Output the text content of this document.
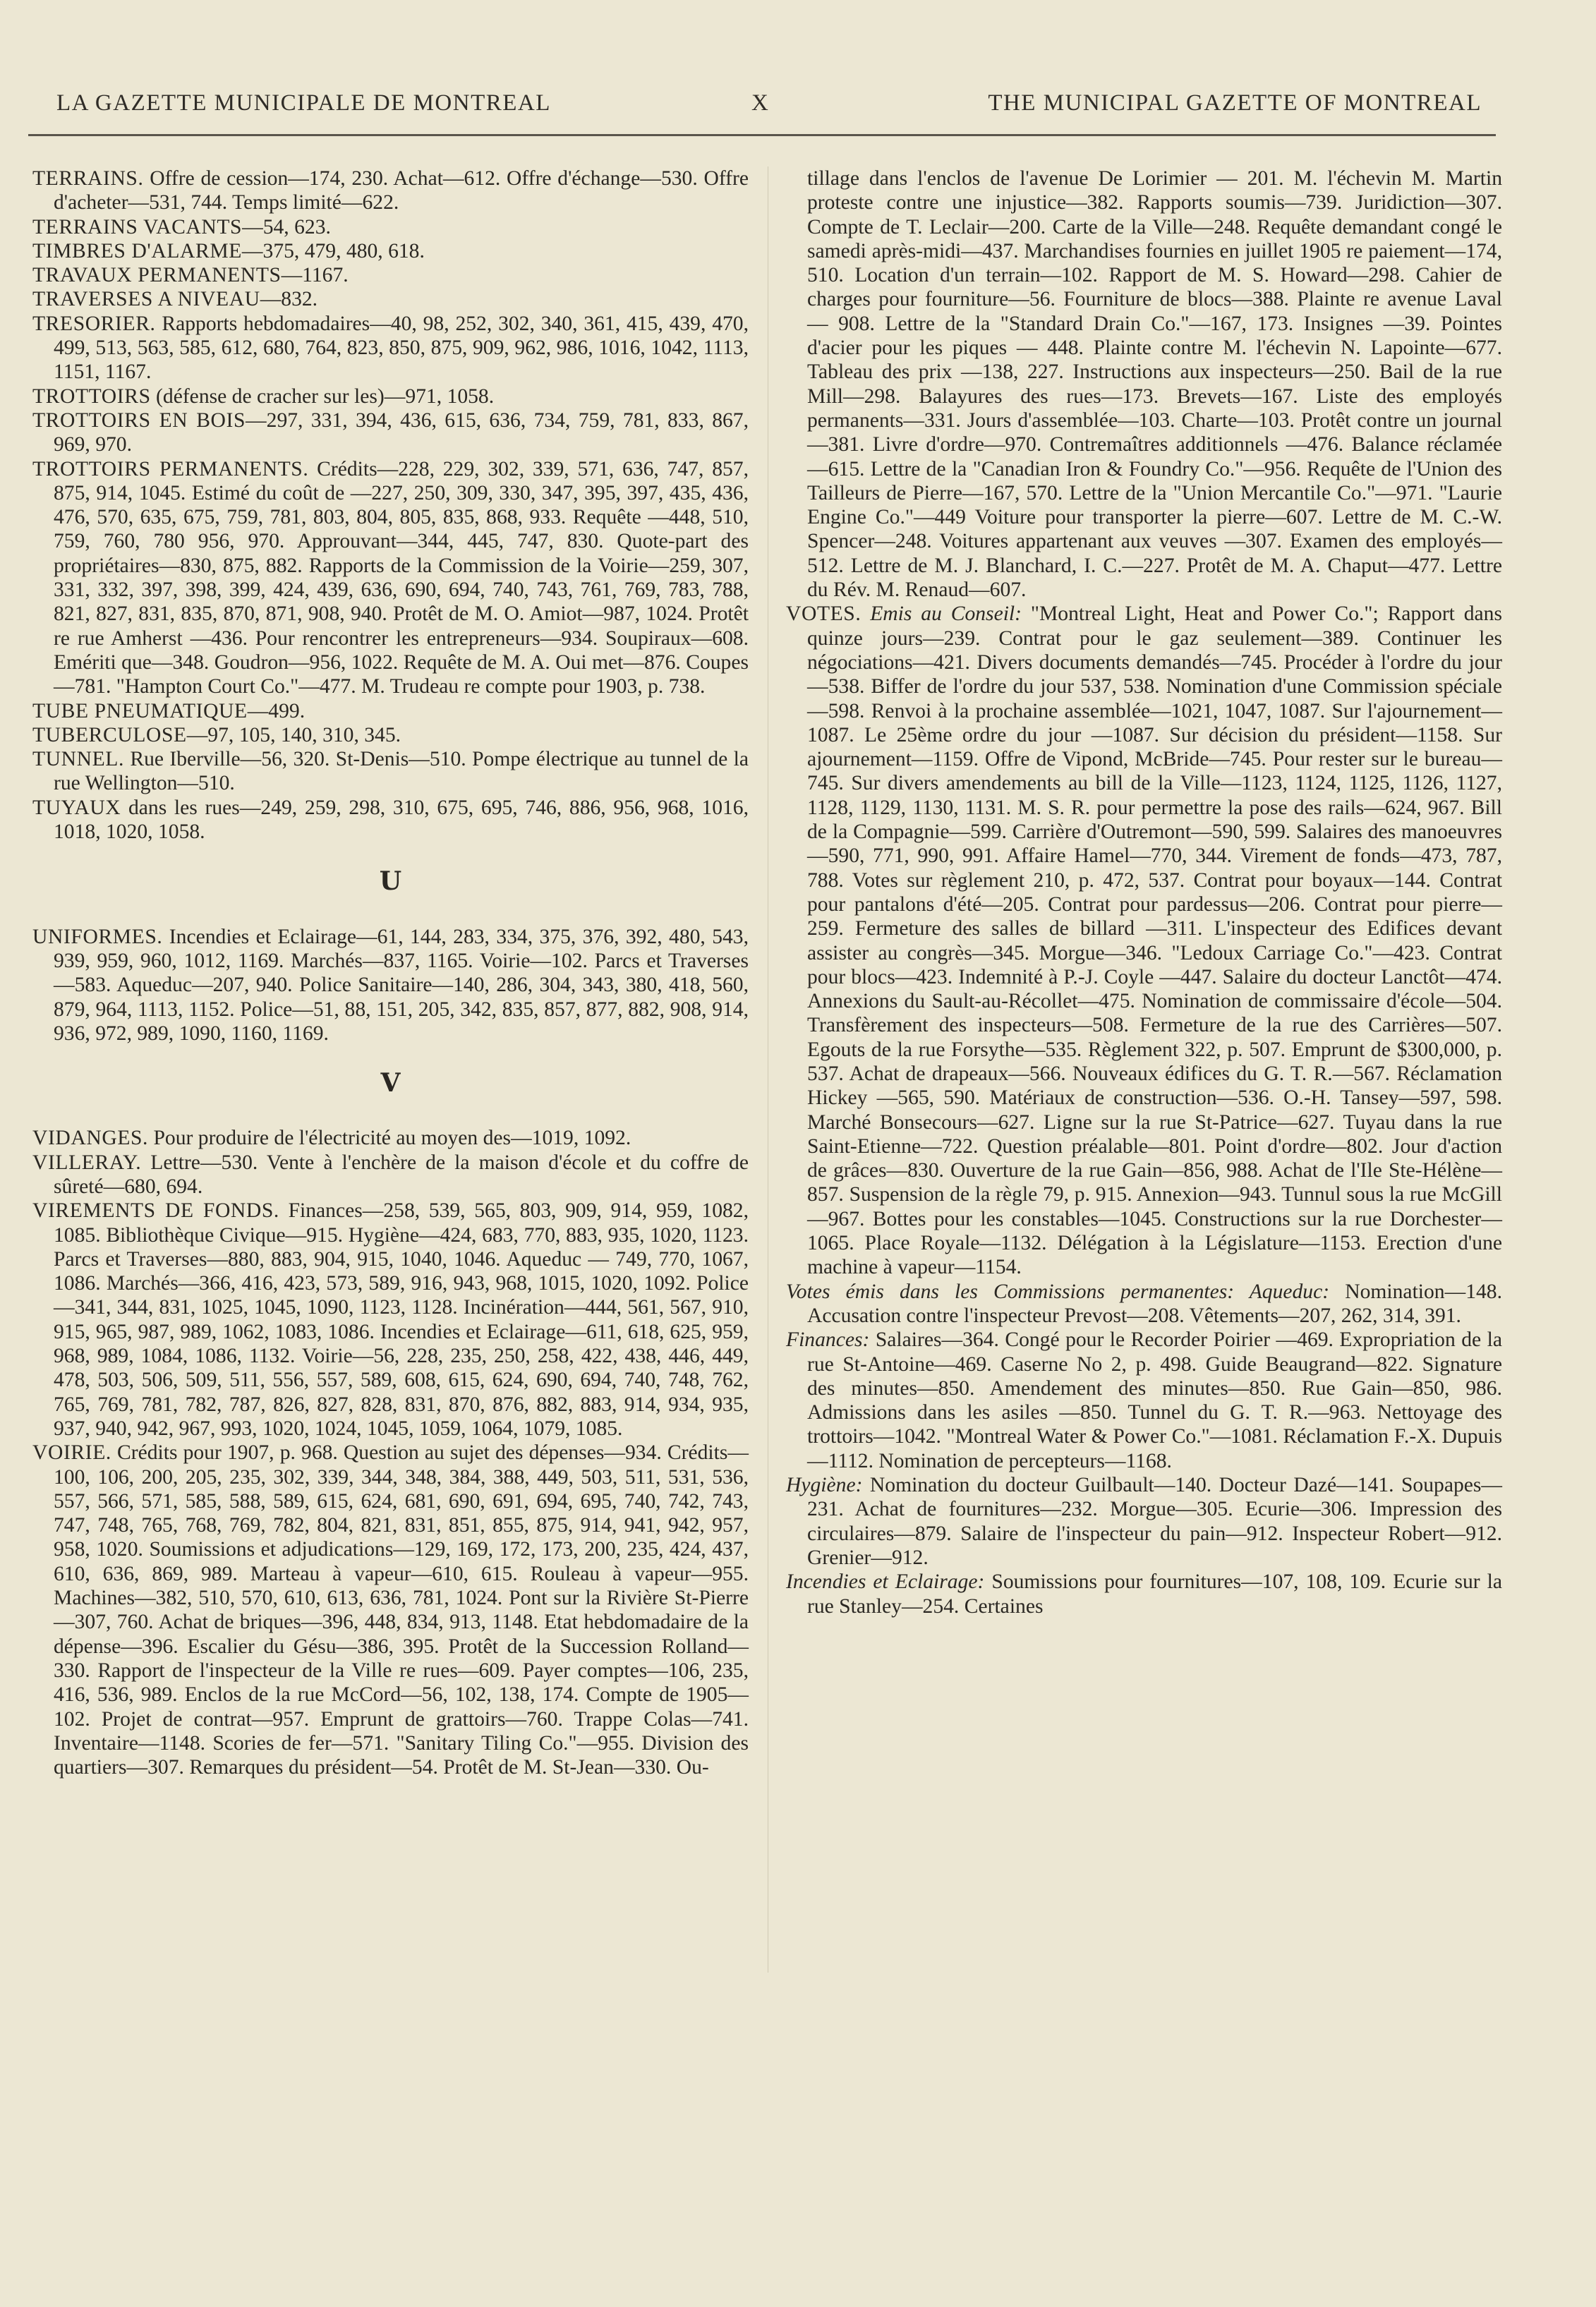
LA GAZETTE MUNICIPALE DE MONTREAL	X	THE MUNICIPAL GAZETTE OF MONTREAL

TERRAINS. Offre de cession—174, 230. Achat—612. Offre d'échange—530. Offre d'acheter—531, 744. Temps limité—622.

TERRAINS VACANTS—54, 623.

TIMBRES D'ALARME—375, 479, 480, 618.

TRAVAUX PERMANENTS—1167.

TRAVERSES A NIVEAU—832.

TRESORIER. Rapports hebdomadaires—40, 98, 252, 302, 340, 361, 415, 439, 470, 499, 513, 563, 585, 612, 680, 764, 823, 850, 875, 909, 962, 986, 1016, 1042, 1113, 1151, 1167.

TROTTOIRS (défense de cracher sur les)—971, 1058.

TROTTOIRS EN BOIS—297, 331, 394, 436, 615, 636, 734, 759, 781, 833, 867, 969, 970.

TROTTOIRS PERMANENTS. Crédits—228, 229, 302, 339, 571, 636, 747, 857, 875, 914, 1045. Estimé du coût de —227, 250, 309, 330, 347, 395, 397, 435, 436, 476, 570, 635, 675, 759, 781, 803, 804, 805, 835, 868, 933. Requête —448, 510, 759, 760, 780 956, 970. Approuvant—344, 445, 747, 830. Quote-part des propriétaires—830, 875, 882. Rapports de la Commission de la Voirie—259, 307, 331, 332, 397, 398, 399, 424, 439, 636, 690, 694, 740, 743, 761, 769, 783, 788, 821, 827, 831, 835, 870, 871, 908, 940. Protêt de M. O. Amiot—987, 1024. Protêt re rue Amherst —436. Pour rencontrer les entrepreneurs—934. Soupiraux—608. Emériti que—348. Goudron—956, 1022. Requête de M. A. Oui met—876. Coupes—781. "Hampton Court Co."—477. M. Trudeau re compte pour 1903, p. 738.

TUBE PNEUMATIQUE—499.

TUBERCULOSE—97, 105, 140, 310, 345.

TUNNEL. Rue Iberville—56, 320. St-Denis—510. Pompe électrique au tunnel de la rue Wellington—510.

TUYAUX dans les rues—249, 259, 298, 310, 675, 695, 746, 886, 956, 968, 1016, 1018, 1020, 1058.

U

UNIFORMES. Incendies et Eclairage—61, 144, 283, 334, 375, 376, 392, 480, 543, 939, 959, 960, 1012, 1169. Marchés—837, 1165. Voirie—102. Parcs et Traverses—583. Aqueduc—207, 940. Police Sanitaire—140, 286, 304, 343, 380, 418, 560, 879, 964, 1113, 1152. Police—51, 88, 151, 205, 342, 835, 857, 877, 882, 908, 914, 936, 972, 989, 1090, 1160, 1169.

V

VIDANGES. Pour produire de l'électricité au moyen des—1019, 1092.

VILLERAY. Lettre—530. Vente à l'enchère de la maison d'école et du coffre de sûreté—680, 694.

VIREMENTS DE FONDS. Finances—258, 539, 565, 803, 909, 914, 959, 1082, 1085. Bibliothèque Civique—915. Hygiène—424, 683, 770, 883, 935, 1020, 1123. Parcs et Traverses—880, 883, 904, 915, 1040, 1046. Aqueduc — 749, 770, 1067, 1086. Marchés—366, 416, 423, 573, 589, 916, 943, 968, 1015, 1020, 1092. Police—341, 344, 831, 1025, 1045, 1090, 1123, 1128. Incinération—444, 561, 567, 910, 915, 965, 987, 989, 1062, 1083, 1086. Incendies et Eclairage—611, 618, 625, 959, 968, 989, 1084, 1086, 1132. Voirie—56, 228, 235, 250, 258, 422, 438, 446, 449, 478, 503, 506, 509, 511, 556, 557, 589, 608, 615, 624, 690, 694, 740, 748, 762, 765, 769, 781, 782, 787, 826, 827, 828, 831, 870, 876, 882, 883, 914, 934, 935, 937, 940, 942, 967, 993, 1020, 1024, 1045, 1059, 1064, 1079, 1085.

VOIRIE. Crédits pour 1907, p. 968. Question au sujet des dépenses—934. Crédits—100, 106, 200, 205, 235, 302, 339, 344, 348, 384, 388, 449, 503, 511, 531, 536, 557, 566, 571, 585, 588, 589, 615, 624, 681, 690, 691, 694, 695, 740, 742, 743, 747, 748, 765, 768, 769, 782, 804, 821, 831, 851, 855, 875, 914, 941, 942, 957, 958, 1020. Soumissions et adjudications—129, 169, 172, 173, 200, 235, 424, 437, 610, 636, 869, 989. Marteau à vapeur—610, 615. Rouleau à vapeur—955. Machines—382, 510, 570, 610, 613, 636, 781, 1024. Pont sur la Rivière St-Pierre—307, 760. Achat de briques—396, 448, 834, 913, 1148. Etat hebdomadaire de la dépense—396. Escalier du Gésu—386, 395. Protêt de la Succession Rolland—330. Rapport de l'inspecteur de la Ville re rues—609. Payer comptes—106, 235, 416, 536, 989. Enclos de la rue McCord—56, 102, 138, 174. Compte de 1905—102. Projet de contrat—957. Emprunt de grattoirs—760. Trappe Colas—741. Inventaire—1148. Scories de fer—571. "Sanitary Tiling Co."—955. Division des quartiers—307. Remarques du président—54. Protêt de M. St-Jean—330. Ou-

tillage dans l'enclos de l'avenue De Lorimier — 201. M. l'échevin M. Martin proteste contre une injustice—382. Rapports soumis—739. Juridiction—307. Compte de T. Leclair—200. Carte de la Ville—248. Requête demandant congé le samedi après-midi—437. Marchandises fournies en juillet 1905 re paiement—174, 510. Location d'un terrain—102. Rapport de M. S. Howard—298. Cahier de charges pour fourniture—56. Fourniture de blocs—388. Plainte re avenue Laval — 908. Lettre de la "Standard Drain Co."—167, 173. Insignes —39. Pointes d'acier pour les piques — 448. Plainte contre M. l'échevin N. Lapointe—677. Tableau des prix —138, 227. Instructions aux inspecteurs—250. Bail de la rue Mill—298. Balayures des rues—173. Brevets—167. Liste des employés permanents—331. Jours d'assemblée—103. Charte—103. Protêt contre un journal —381. Livre d'ordre—970. Contremaîtres additionnels —476. Balance réclamée—615. Lettre de la "Canadian Iron & Foundry Co."—956. Requête de l'Union des Tailleurs de Pierre—167, 570. Lettre de la "Union Mercantile Co."—971. "Laurie Engine Co."—449 Voiture pour transporter la pierre—607. Lettre de M. C.-W. Spencer—248. Voitures appartenant aux veuves —307. Examen des employés—512. Lettre de M. J. Blanchard, I. C.—227. Protêt de M. A. Chaput—477. Lettre du Rév. M. Renaud—607.

VOTES. Emis au Conseil: "Montreal Light, Heat and Power Co."; Rapport dans quinze jours—239. Contrat pour le gaz seulement—389. Continuer les négociations—421. Divers documents demandés—745. Procéder à l'ordre du jour—538. Biffer de l'ordre du jour 537, 538. Nomination d'une Commission spéciale—598. Renvoi à la prochaine assemblée—1021, 1047, 1087. Sur l'ajournement—1087. Le 25ème ordre du jour —1087. Sur décision du président—1158. Sur ajournement—1159. Offre de Vipond, McBride—745. Pour rester sur le bureau—745. Sur divers amendements au bill de la Ville—1123, 1124, 1125, 1126, 1127, 1128, 1129, 1130, 1131. M. S. R. pour permettre la pose des rails—624, 967. Bill de la Compagnie—599. Carrière d'Outremont—590, 599. Salaires des manoeuvres—590, 771, 990, 991. Affaire Hamel—770, 344. Virement de fonds—473, 787, 788. Votes sur règlement 210, p. 472, 537. Contrat pour boyaux—144. Contrat pour pantalons d'été—205. Contrat pour pardessus—206. Contrat pour pierre—259. Fermeture des salles de billard —311. L'inspecteur des Edifices devant assister au congrès—345. Morgue—346. "Ledoux Carriage Co."—423. Contrat pour blocs—423. Indemnité à P.-J. Coyle —447. Salaire du docteur Lanctôt—474. Annexions du Sault-au-Récollet—475. Nomination de commissaire d'école—504. Transfèrement des inspecteurs—508. Fermeture de la rue des Carrières—507. Egouts de la rue Forsythe—535. Règlement 322, p. 507. Emprunt de $300,000, p. 537. Achat de drapeaux—566. Nouveaux édifices du G. T. R.—567. Réclamation Hickey —565, 590. Matériaux de construction—536. O.-H. Tansey—597, 598. Marché Bonsecours—627. Ligne sur la rue St-Patrice—627. Tuyau dans la rue Saint-Etienne—722. Question préalable—801. Point d'ordre—802. Jour d'action de grâces—830. Ouverture de la rue Gain—856, 988. Achat de l'Ile Ste-Hélène—857. Suspension de la règle 79, p. 915. Annexion—943. Tunnul sous la rue McGill—967. Bottes pour les constables—1045. Constructions sur la rue Dorchester—1065. Place Royale—1132. Délégation à la Législature—1153. Erection d'une machine à vapeur—1154.

Votes émis dans les Commissions permanentes: Aqueduc: Nomination—148. Accusation contre l'inspecteur Prevost—208. Vêtements—207, 262, 314, 391.

Finances: Salaires—364. Congé pour le Recorder Poirier —469. Expropriation de la rue St-Antoine—469. Caserne No 2, p. 498. Guide Beaugrand—822. Signature des minutes—850. Amendement des minutes—850. Rue Gain—850, 986. Admissions dans les asiles —850. Tunnel du G. T. R.—963. Nettoyage des trottoirs—1042. "Montreal Water & Power Co."—1081. Réclamation F.-X. Dupuis—1112. Nomination de percepteurs—1168.

Hygiène: Nomination du docteur Guilbault—140. Docteur Dazé—141. Soupapes—231. Achat de fournitures—232. Morgue—305. Ecurie—306. Impression des circulaires—879. Salaire de l'inspecteur du pain—912. Inspecteur Robert—912. Grenier—912.

Incendies et Eclairage: Soumissions pour fournitures—107, 108, 109. Ecurie sur la rue Stanley—254. Certaines
